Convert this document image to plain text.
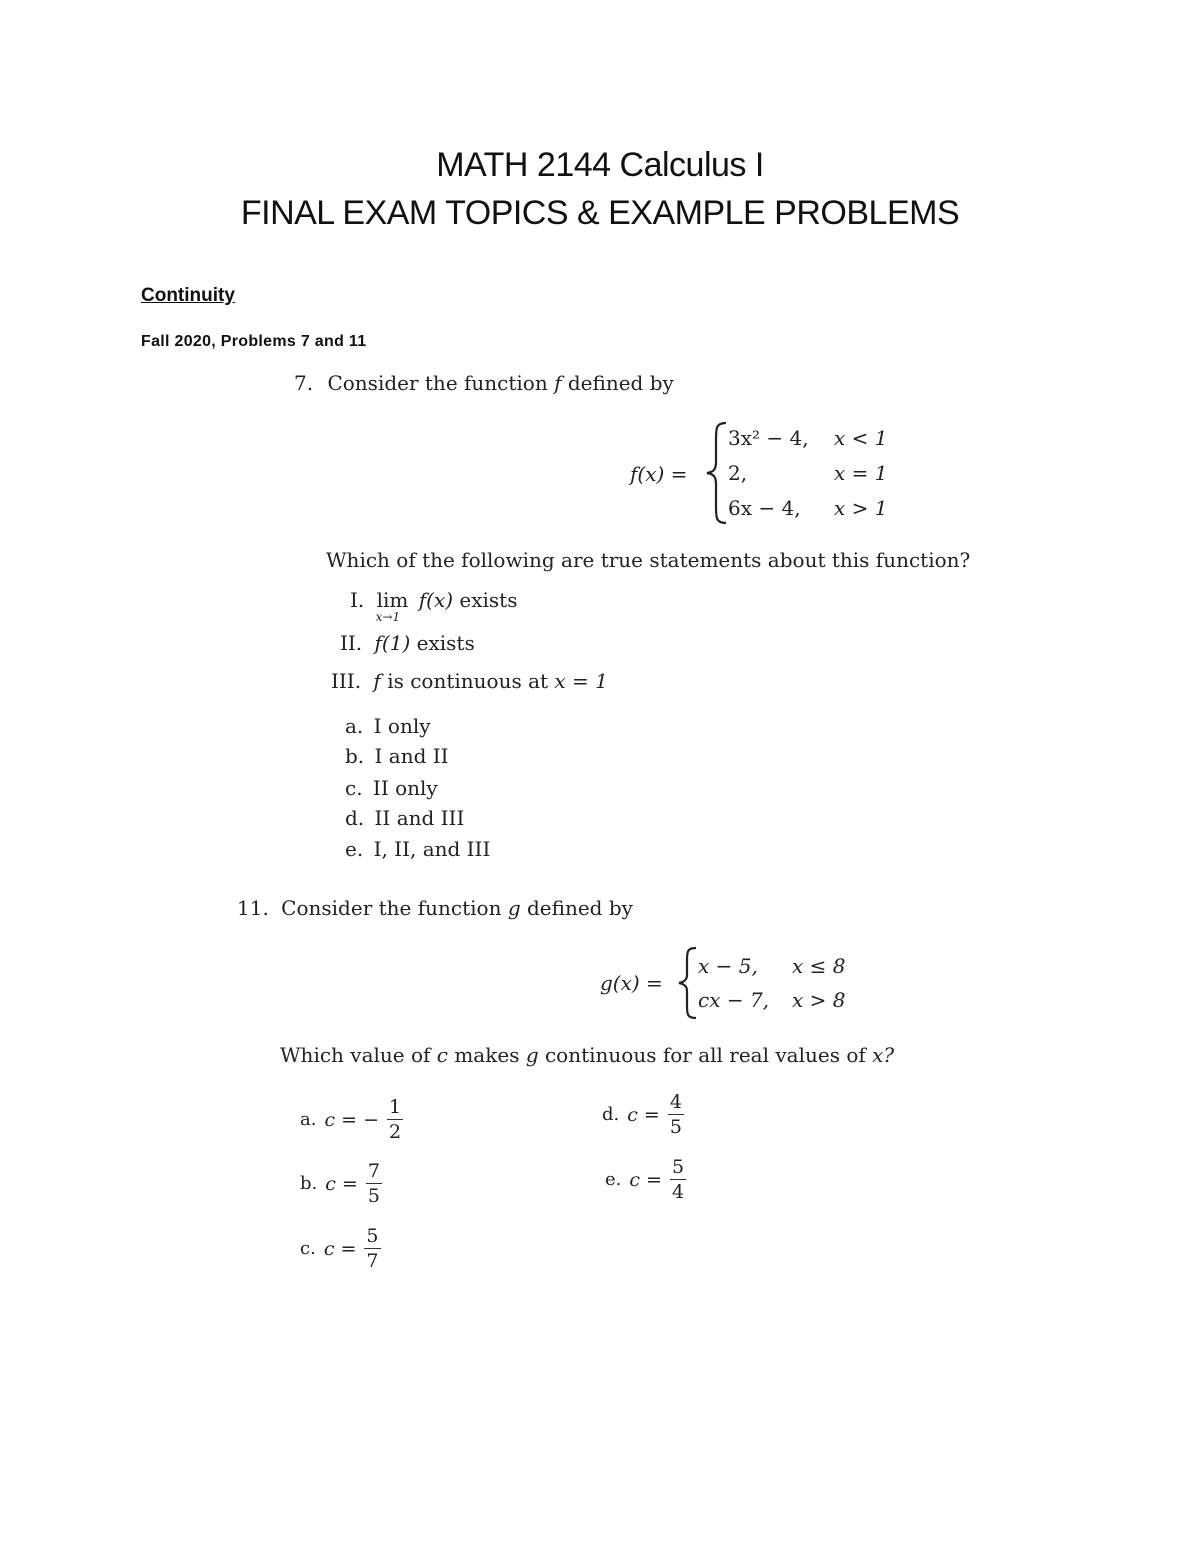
MATH 2144 Calculus I
FINAL EXAM TOPICS & EXAMPLE PROBLEMS
Continuity
Fall 2020, Problems 7 and 11
7. Consider the function f defined by
f(x) =
3x² − 4, x < 1
2,	x = 1
6x − 4, x > 1
Which of the following are true statements about this function?
I. lim
x→1
f(x) exists
II. f(1) exists
III. f is continuous at x = 1
a. I only
b. I and II
c. II only
d. II and III
e. I, II, and III
11. Consider the function g defined by
g(x) =
x − 5, x ≤ 8
cx − 7, x > 8
Which value of c makes g continuous for all real values of x?
a. c = − $\frac{1}{2}$
b. $c = \frac{7}{5}$
c. $c = \frac{5}{7}$
d. $c = \frac{4}{5}$
e. $c = \frac{5}{4}$
